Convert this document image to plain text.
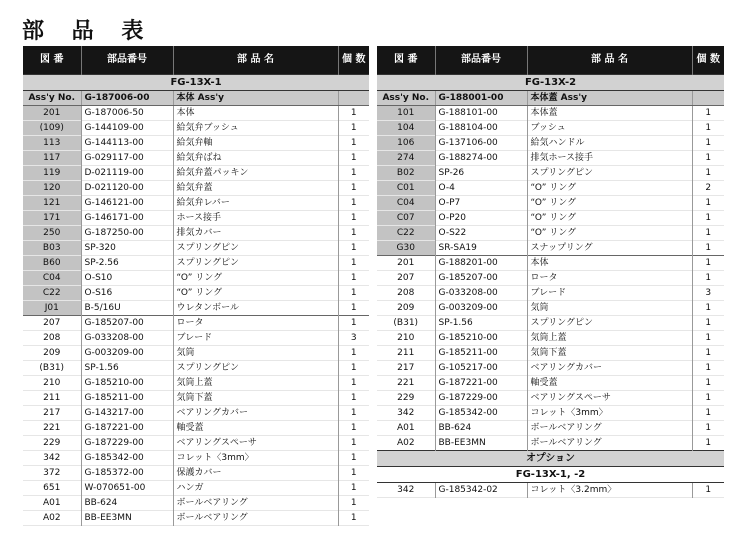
部 品 表
図 番	部品番号	部 品 名	個 数
FG-13X-1			
Ass'y No.	G-187006-00	本体 Ass'y	
201	G-187006-50	本体	1
(109)	G-144109-00	給気弁ブッシュ	1
113	G-144113-00	給気弁軸	1
117	G-029117-00	給気弁ばね	1
119	D-021119-00	給気弁蓋パッキン	1
120	D-021120-00	給気弁蓋	1
121	G-146121-00	給気弁レバー	1
171	G-146171-00	ホース接手	1
250	G-187250-00	排気カバー	1
B03	SP-320	スプリングピン	1
B60	SP-2.56	スプリングピン	1
C04	O-S10	“O” リング	1
C22	O-S16	“O” リング	1
J01	B-5/16U	ウレタンボール	1
207	G-185207-00	ロータ	1
208	G-033208-00	ブレード	3
209	G-003209-00	気筒	1
(B31)	SP-1.56	スプリングピン	1
210	G-185210-00	気筒上蓋	1
211	G-185211-00	気筒下蓋	1
217	G-143217-00	ベアリングカバー	1
221	G-187221-00	軸受蓋	1
229	G-187229-00	ベアリングスペーサ	1
342	G-185342-00	コレット〈3mm〉	1
372	G-185372-00	保護カバー	1
651	W-070651-00	ハンガ	1
A01	BB-624	ボールベアリング	1
A02	BB-EE3MN	ボールベアリング	1
図 番	部品番号	部 品 名	個 数
FG-13X-2			
Ass'y No.	G-188001-00	本体蓋 Ass'y	
101	G-188101-00	本体蓋	1
104	G-188104-00	ブッシュ	1
106	G-137106-00	給気ハンドル	1
274	G-188274-00	排気ホース接手	1
B02	SP-26	スプリングピン	1
C01	O-4	“O” リング	2
C04	O-P7	“O” リング	1
C07	O-P20	“O” リング	1
C22	O-S22	“O” リング	1
G30	SR-SA19	スナップリング	1
201	G-188201-00	本体	1
207	G-185207-00	ロータ	1
208	G-033208-00	ブレード	3
209	G-003209-00	気筒	1
(B31)	SP-1.56	スプリングピン	1
210	G-185210-00	気筒上蓋	1
211	G-185211-00	気筒下蓋	1
217	G-105217-00	ベアリングカバー	1
221	G-187221-00	軸受蓋	1
229	G-187229-00	ベアリングスペーサ	1
342	G-185342-00	コレット〈3mm〉	1
A01	BB-624	ボールベアリング	1
A02	BB-EE3MN	ボールベアリング	1
オプション			
FG-13X-1, -2			
342	G-185342-02	コレット〈3.2mm〉	1
